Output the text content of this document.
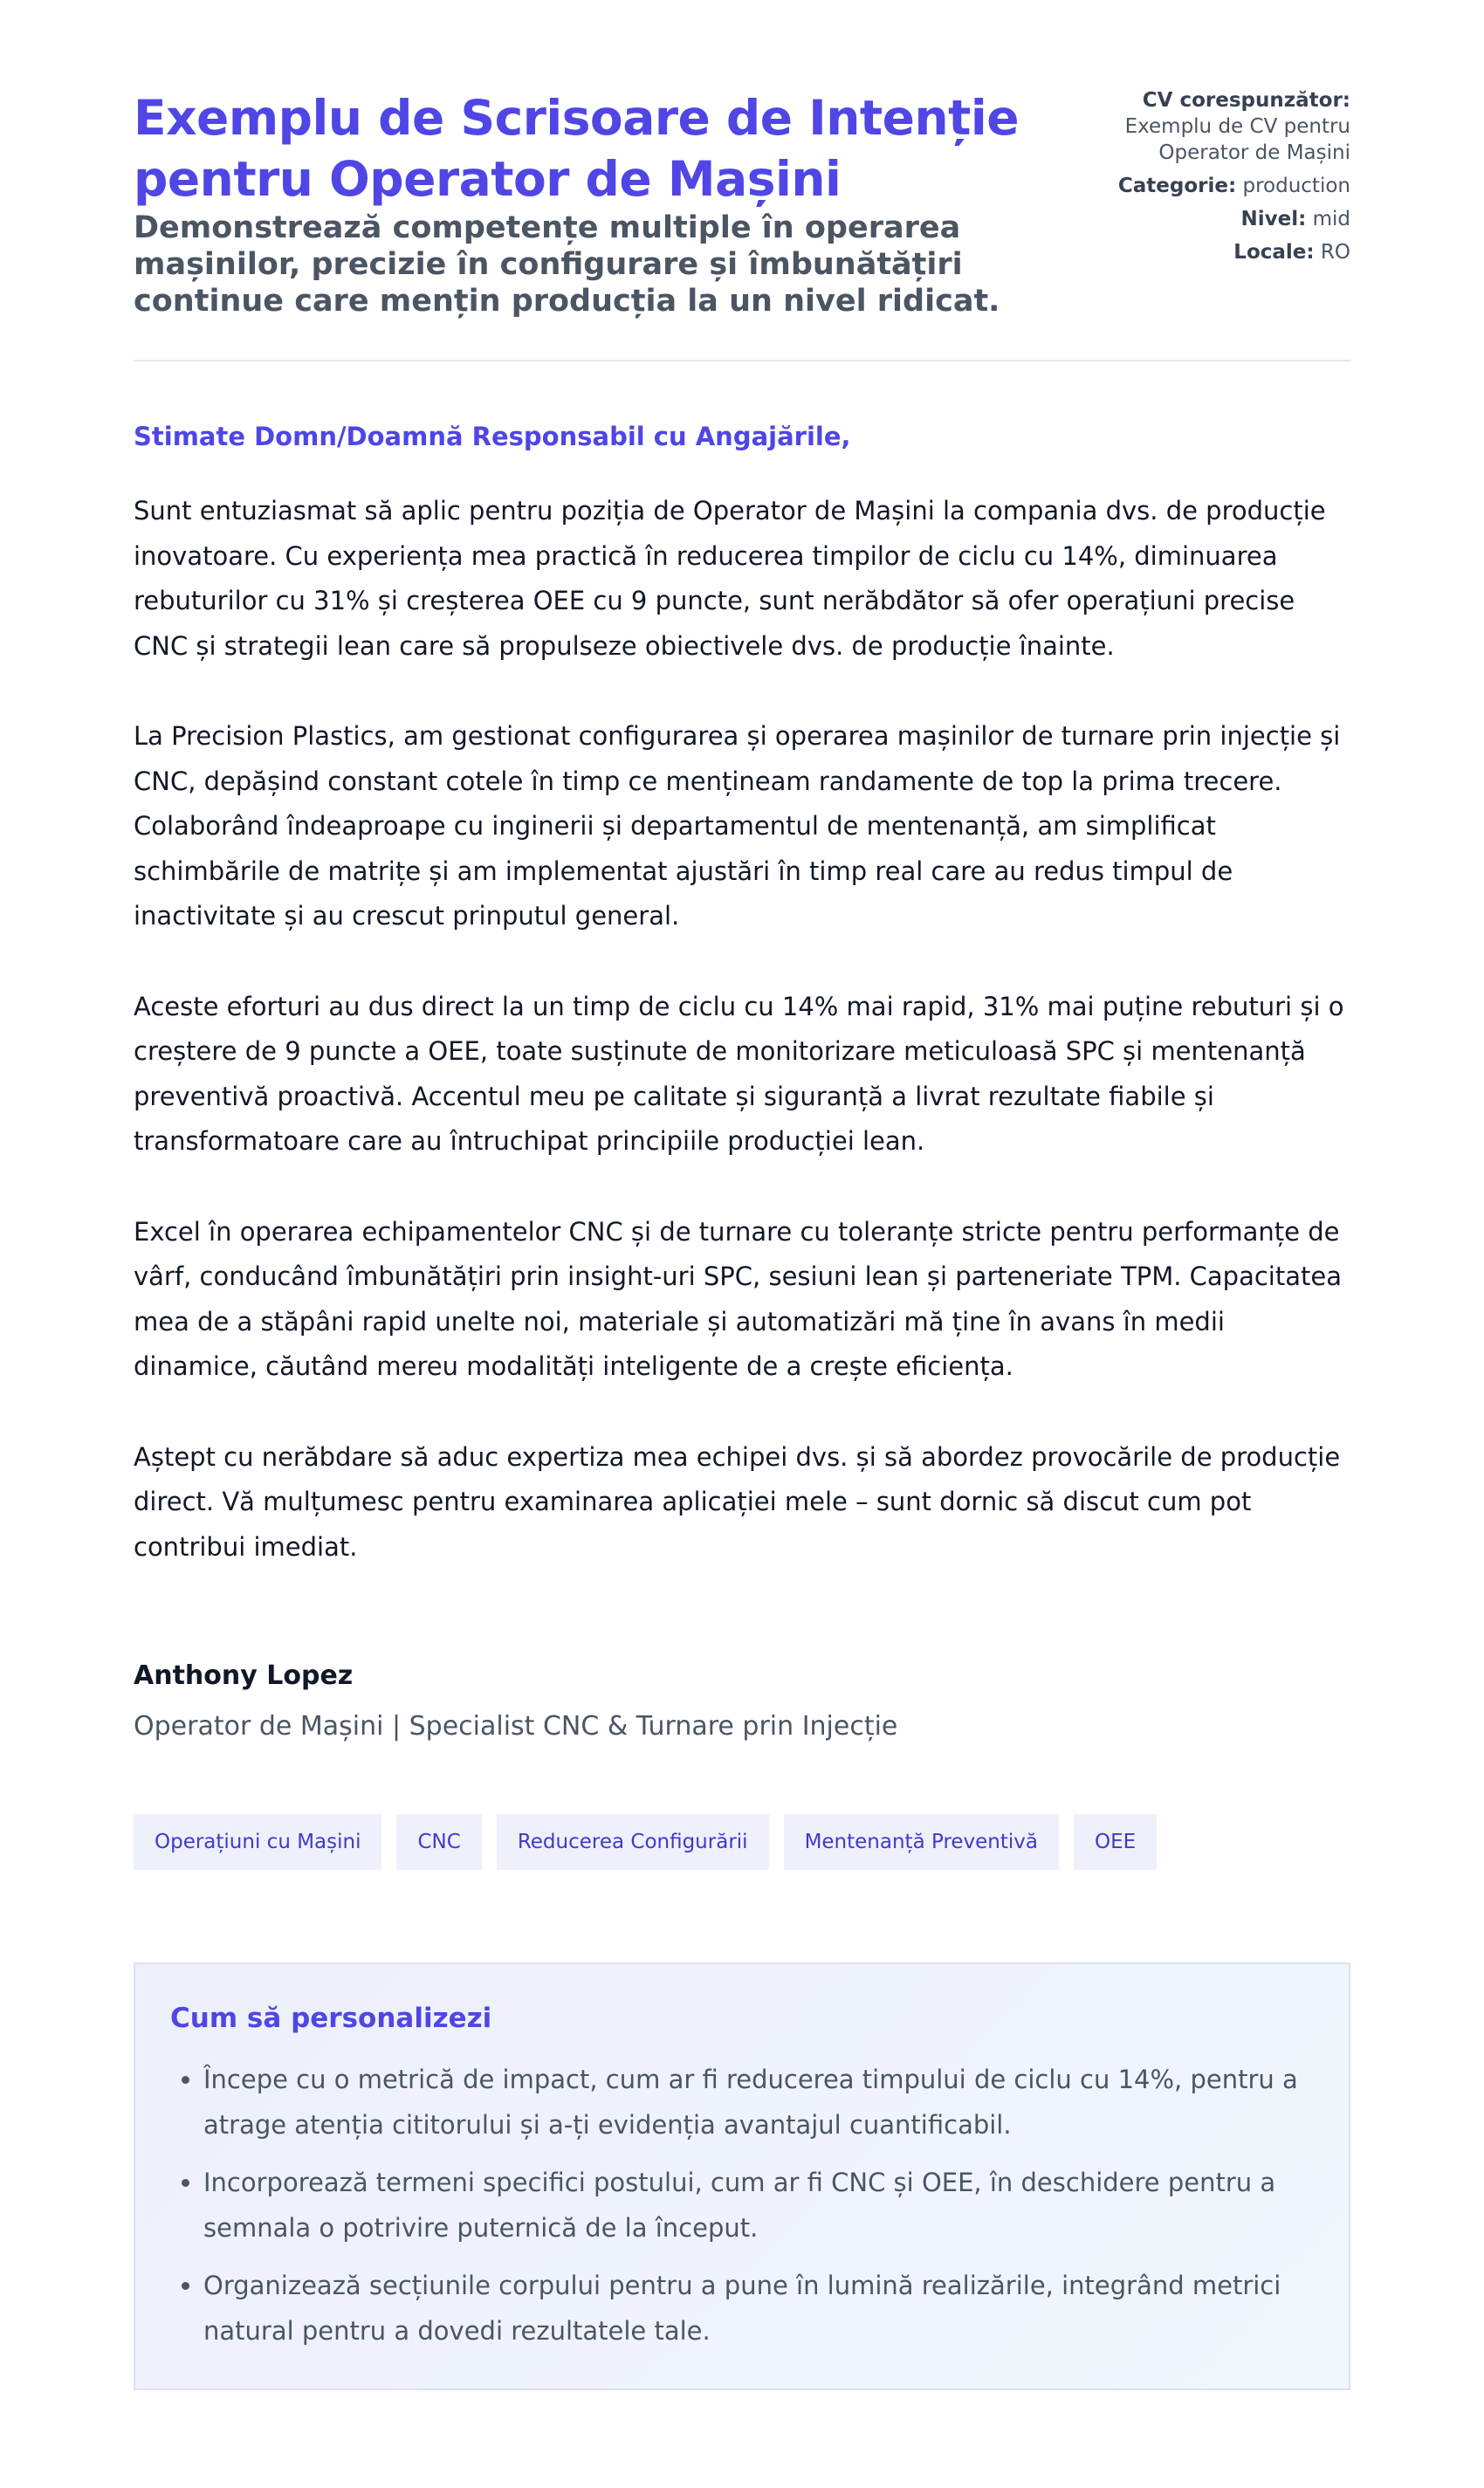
Exemplu de Scrisoare de Intenție pentru Operator de Mașini

Demonstrează competențe multiple în operarea mașinilor, precizie în configurare și îmbunătățiri continue care mențin producția la un nivel ridicat.

CV corespunzător:
Exemplu de CV pentru Operator de Mașini
Categorie: production
Nivel: mid
Locale: RO

Stimate Domn/Doamnă Responsabil cu Angajările,

Sunt entuziasmat să aplic pentru poziția de Operator de Mașini la compania dvs. de producție inovatoare. Cu experiența mea practică în reducerea timpilor de ciclu cu 14%, diminuarea rebuturilor cu 31% și creșterea OEE cu 9 puncte, sunt nerăbdător să ofer operațiuni precise CNC și strategii lean care să propulseze obiectivele dvs. de producție înainte.

La Precision Plastics, am gestionat configurarea și operarea mașinilor de turnare prin injecție și CNC, depășind constant cotele în timp ce mențineam randamente de top la prima trecere. Colaborând îndeaproape cu inginerii și departamentul de mentenanță, am simplificat schimbările de matrițe și am implementat ajustări în timp real care au redus timpul de inactivitate și au crescut prinputul general.

Aceste eforturi au dus direct la un timp de ciclu cu 14% mai rapid, 31% mai puține rebuturi și o creștere de 9 puncte a OEE, toate susținute de monitorizare meticuloasă SPC și mentenanță preventivă proactivă. Accentul meu pe calitate și siguranță a livrat rezultate fiabile și transformatoare care au întruchipat principiile producției lean.

Excel în operarea echipamentelor CNC și de turnare cu toleranțe stricte pentru performanțe de vârf, conducând îmbunătățiri prin insight-uri SPC, sesiuni lean și parteneriate TPM. Capacitatea mea de a stăpâni rapid unelte noi, materiale și automatizări mă ține în avans în medii dinamice, căutând mereu modalități inteligente de a crește eficiența.

Aștept cu nerăbdare să aduc expertiza mea echipei dvs. și să abordez provocările de producție direct. Vă mulțumesc pentru examinarea aplicației mele – sunt dornic să discut cum pot contribui imediat.

Anthony Lopez
Operator de Mașini | Specialist CNC & Turnare prin Injecție
Operațiuni cu Mașini	CNC	Reducerea Configurării	Mentenanță Preventivă	OEE
Cum să personalizezi
• Începe cu o metrică de impact, cum ar fi reducerea timpului de ciclu cu 14%, pentru a atrage atenția cititorului și a-ți evidenția avantajul cuantificabil.
• Incorporează termeni specifici postului, cum ar fi CNC și OEE, în deschidere pentru a semnala o potrivire puternică de la început.
• Organizează secțiunile corpului pentru a pune în lumină realizările, integrând metrici natural pentru a dovedi rezultatele tale.
